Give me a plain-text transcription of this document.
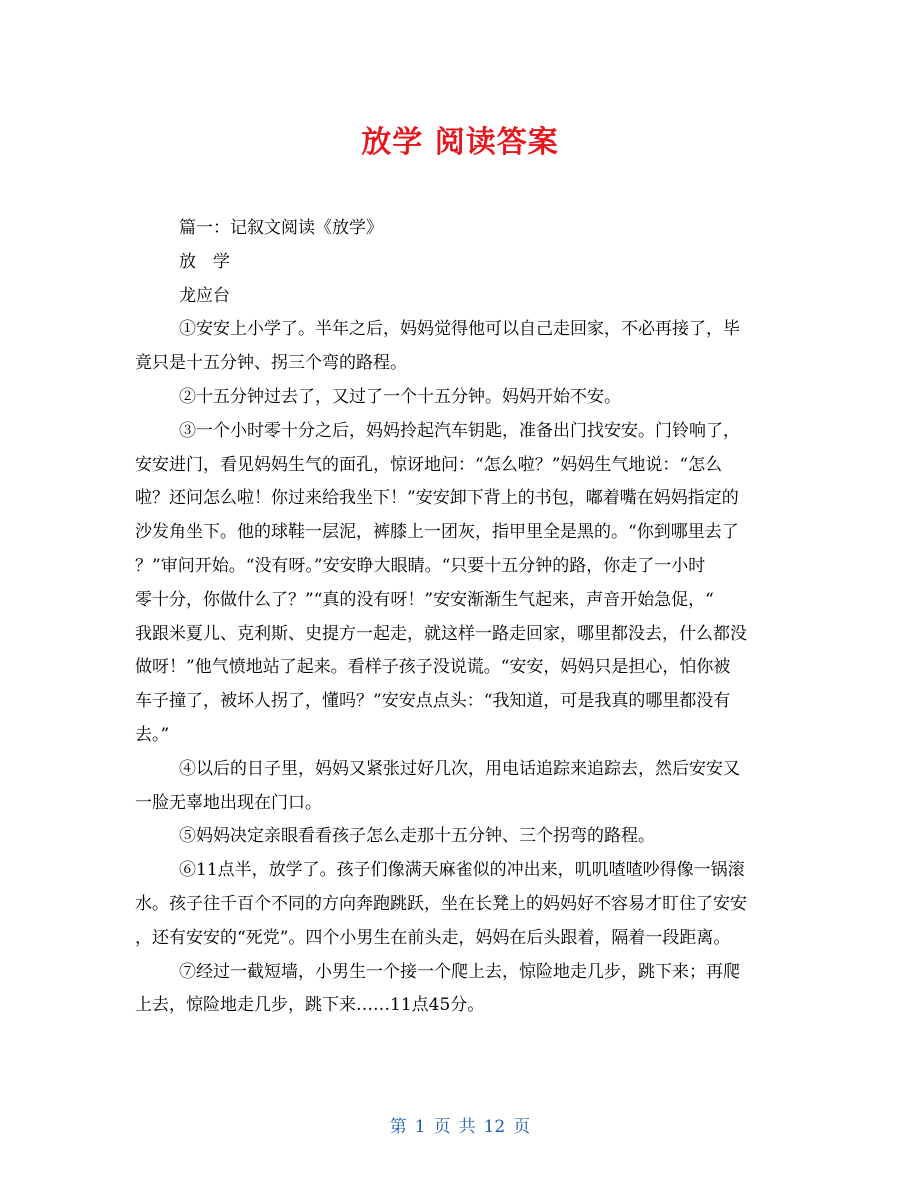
放学 阅读答案
篇一：记叙文阅读《放学》
放　学
龙应台
①安安上小学了。半年之后，妈妈觉得他可以自己走回家，不必再接了，毕
竟只是十五分钟、拐三个弯的路程。
②十五分钟过去了，又过了一个十五分钟。妈妈开始不安。
③一个小时零十分之后，妈妈拎起汽车钥匙，准备出门找安安。门铃响了，
安安进门，看见妈妈生气的面孔，惊讶地问：“怎么啦？”妈妈生气地说：“怎么
啦？还问怎么啦！你过来给我坐下！”安安卸下背上的书包，嘟着嘴在妈妈指定的
沙发角坐下。他的球鞋一层泥，裤膝上一团灰，指甲里全是黑的。“你到哪里去了
？”审问开始。“没有呀。”安安睁大眼睛。“只要十五分钟的路，你走了一小时
零十分，你做什么了？”“真的没有呀！”安安渐渐生气起来，声音开始急促，“
我跟米夏儿、克利斯、史提方一起走，就这样一路走回家，哪里都没去，什么都没
做呀！”他气愤地站了起来。看样子孩子没说谎。“安安，妈妈只是担心，怕你被
车子撞了，被坏人拐了，懂吗？”安安点点头：“我知道，可是我真的哪里都没有
去。”
④以后的日子里，妈妈又紧张过好几次，用电话追踪来追踪去，然后安安又
一脸无辜地出现在门口。
⑤妈妈决定亲眼看看孩子怎么走那十五分钟、三个拐弯的路程。
⑥11点半，放学了。孩子们像满天麻雀似的冲出来，叽叽喳喳吵得像一锅滚
水。孩子往千百个不同的方向奔跑跳跃，坐在长凳上的妈妈好不容易才盯住了安安
，还有安安的“死党”。四个小男生在前头走，妈妈在后头跟着，隔着一段距离。
⑦经过一截短墙，小男生一个接一个爬上去，惊险地走几步，跳下来；再爬
上去，惊险地走几步，跳下来……11点45分。
第 1 页 共 12 页
